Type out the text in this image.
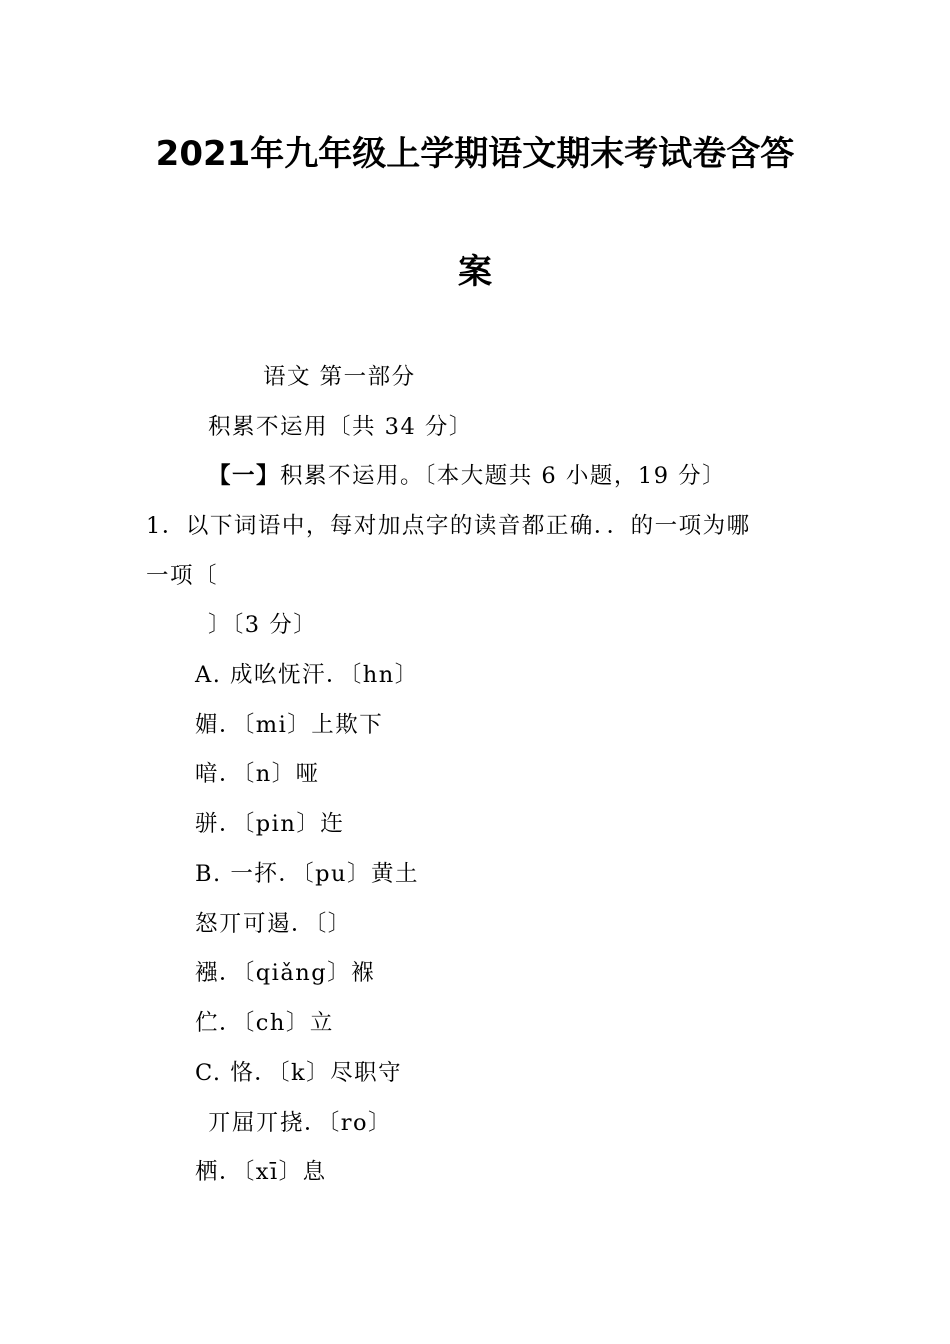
2021年九年级上学期语文期末考试卷含答
案
语文 第一部分
积累不运用〔共 34 分〕
【一】积累不运用。〔本大题共 6 小题，19 分〕
1．以下词语中，每对加点字的读音都正确．．的一项为哪
一项〔
〕〔3 分〕
A. 成吆怃汗．〔hn〕
媚．〔mi〕上欺下
喑．〔n〕哑
骈．〔pin〕迕
B. 一抔．〔pu〕黄土
怒丌可遏．〔〕
襁．〔qiǎng〕褓
伫．〔ch〕立
C. 恪．〔k〕尽职守
丌屈丌挠．〔ro〕
栖．〔xī〕息
